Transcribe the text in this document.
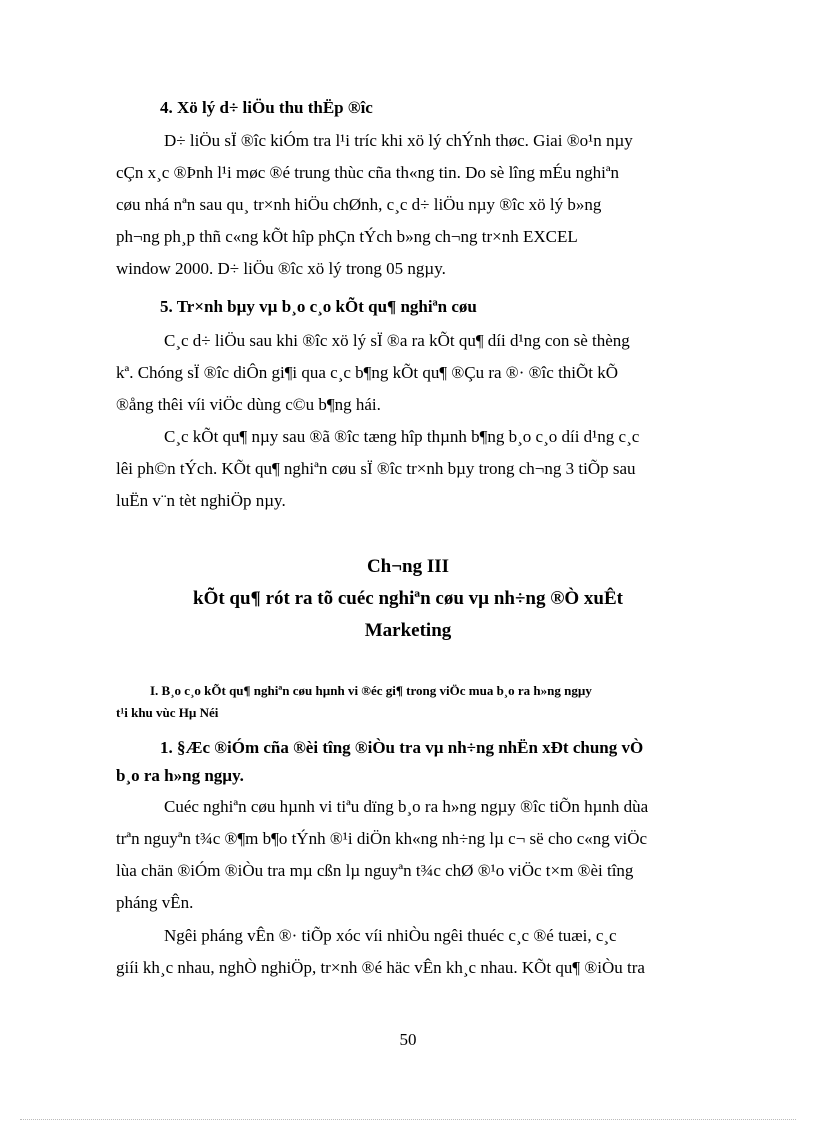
4. Xö lý d÷ liÖu thu thËp ®îc
D÷ liÖu sÏ ®îc kiÓm tra l¹i tríc khi xö lý chÝnh thøc. Giai ®o¹n nµy
cÇn x¸c ®Þnh l¹i møc ®é trung thùc cña th«ng tin. Do sè lîng mÉu nghiªn
cøu nhá nªn sau qu¸ tr×nh hiÖu chØnh, c¸c d÷ liÖu nµy ®îc xö lý b»ng
ph¬ng ph¸p thñ c«ng kÕt hîp phÇn tÝch b»ng ch¬ng tr×nh EXCEL
window 2000. D÷ liÖu ®îc xö lý trong 05 ngµy.
5. Tr×nh bµy vµ b¸o c¸o kÕt qu¶ nghiªn cøu
C¸c d÷ liÖu sau khi ®îc xö lý sÏ ®a ra kÕt qu¶ díi d¹ng con sè thèng
kª. Chóng sÏ ®îc diÔn gi¶i qua c¸c b¶ng kÕt qu¶ ®Çu ra ®· ®îc thiÕt kÕ
®ång thêi víi viÖc dùng c©u b¶ng hái.
C¸c kÕt qu¶ nµy sau ®ã ®îc tæng hîp thµnh b¶ng b¸o c¸o díi d¹ng c¸c
lêi ph©n tÝch. KÕt qu¶ nghiªn cøu sÏ ®îc tr×nh bµy trong ch¬ng 3 tiÕp sau
luËn v¨n tèt nghiÖp nµy.
Ch¬ng III
kÕt qu¶ rót ra tõ cuéc nghiªn cøu vµ nh÷ng ®Ò xuÊt
Marketing
I. B¸o c¸o kÕt qu¶ nghiªn cøu hµnh vi ®éc gi¶ trong viÖc mua b¸o ra h»ng ngµy
t¹i khu vùc Hµ Néi
1. §Æc ®iÓm cña ®èi tîng ®iÒu tra vµ nh÷ng nhËn xÐt chung vÒ
b¸o ra h»ng ngµy.
Cuéc nghiªn cøu hµnh vi tiªu dïng b¸o ra h»ng ngµy ®îc tiÕn hµnh dùa
trªn nguyªn t¾c ®¶m b¶o tÝnh ®¹i diÖn kh«ng nh÷ng lµ c¬ së cho c«ng viÖc
lùa chän ®iÓm ®iÒu tra mµ cßn lµ nguyªn t¾c chØ ®¹o viÖc t×m ®èi tîng
pháng vÊn.
Ngêi pháng vÊn ®· tiÕp xóc víi nhiÒu ngêi thuéc c¸c ®é tuæi, c¸c
giíi kh¸c nhau, nghÒ nghiÖp, tr×nh ®é häc vÊn kh¸c nhau. KÕt qu¶ ®iÒu tra
50
